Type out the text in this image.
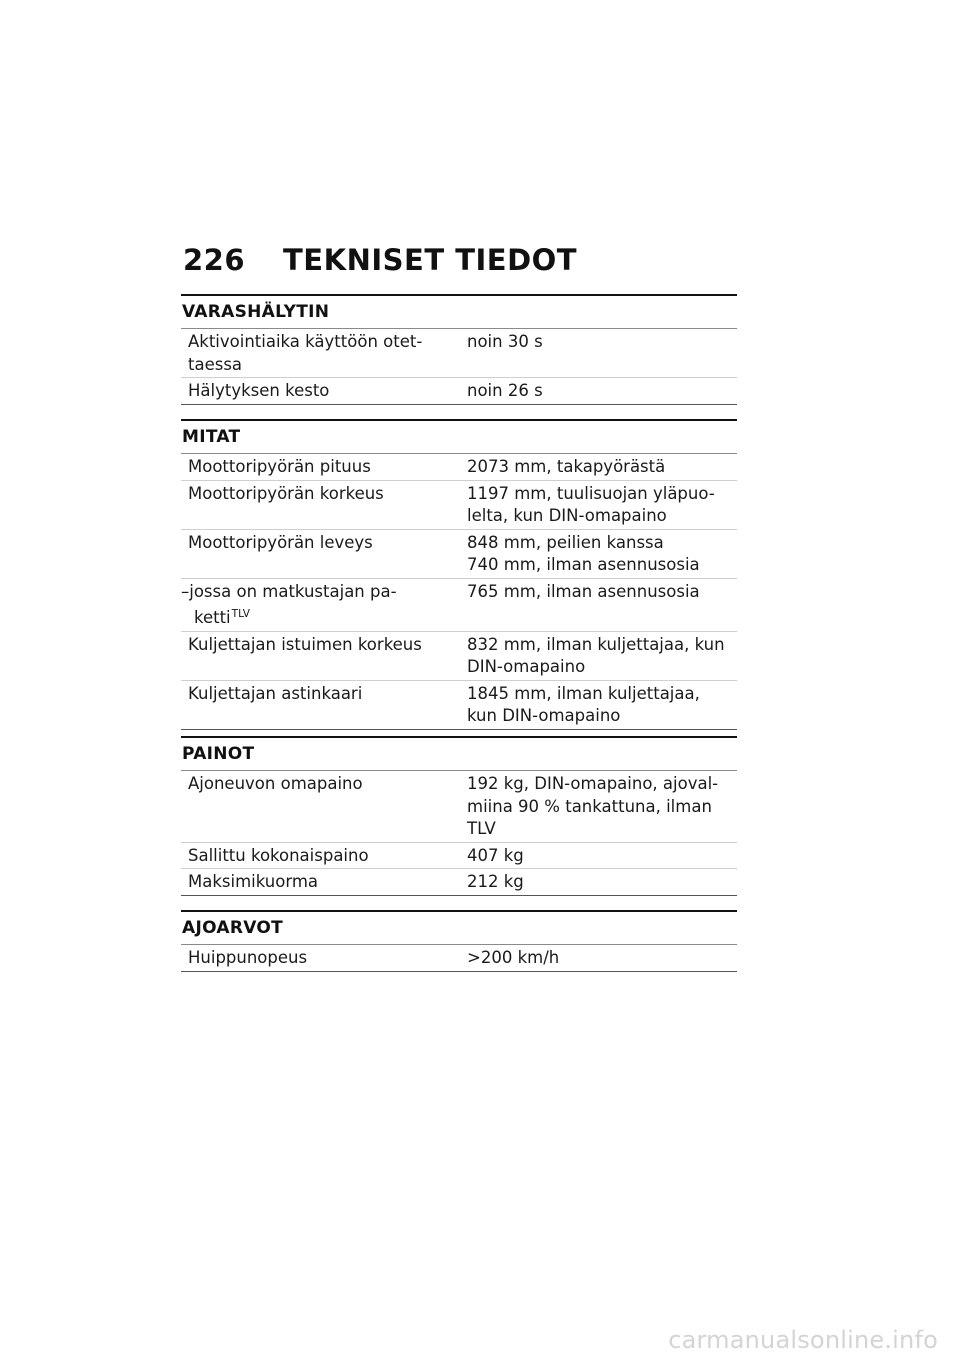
226 TEKNISET TIEDOT
VARASHÄLYTIN
Aktivointiaika käyttöön otet-
taessa	noin 30 s
Hälytyksen kesto	noin 26 s
MITAT
Moottoripyörän pituus	2073 mm, takapyörästä
Moottoripyörän korkeus	1197 mm, tuulisuojan yläpuo-
lelta, kun DIN-omapaino
Moottoripyörän leveys	848 mm, peilien kanssa
740 mm, ilman asennusosia
–jossa on matkustajan pa-
ketti$^{TLV}$	765 mm, ilman asennusosia
Kuljettajan istuimen korkeus	832 mm, ilman kuljettajaa, kun
DIN-omapaino
Kuljettajan astinkaari	1845 mm, ilman kuljettajaa,
kun DIN-omapaino
PAINOT
Ajoneuvon omapaino	192 kg, DIN-omapaino, ajoval-
miina 90 % tankattuna, ilman
TLV
Sallittu kokonaispaino	407 kg
Maksimikuorma	212 kg
AJOARVOT
Huippunopeus	>200 km/h
carmanualsonline.info
